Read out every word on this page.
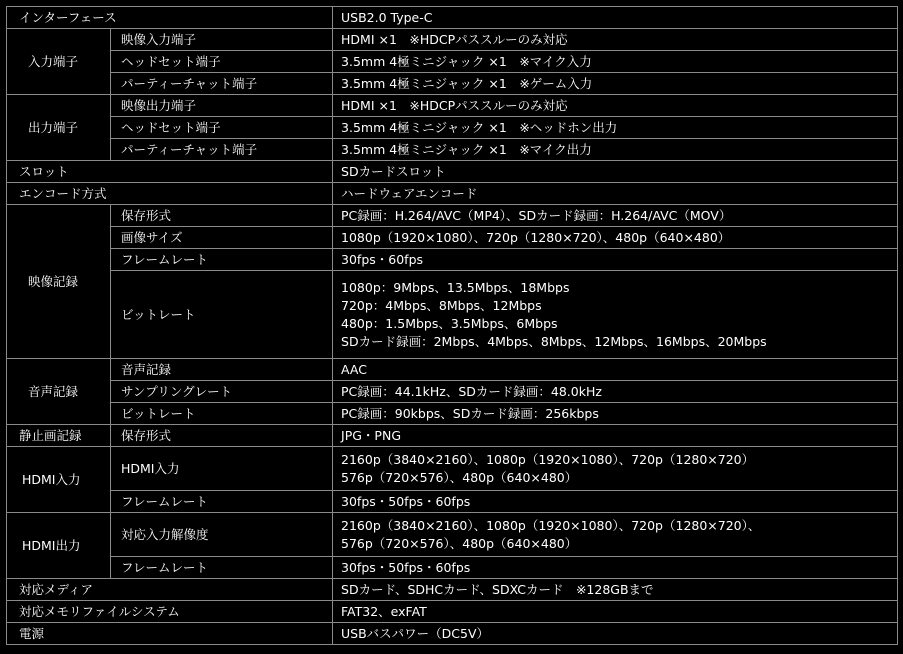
インターフェース		USB2.0 Type-C
入力端子	映像入力端子	HDMI ×1　※HDCPパススルーのみ対応
	ヘッドセット端子	3.5mm 4極ミニジャック ×1　※マイク入力
	パーティーチャット端子	3.5mm 4極ミニジャック ×1　※ゲーム入力
出力端子	映像出力端子	HDMI ×1　※HDCPパススルーのみ対応
	ヘッドセット端子	3.5mm 4極ミニジャック ×1　※ヘッドホン出力
	パーティーチャット端子	3.5mm 4極ミニジャック ×1　※マイク出力
スロット		SDカードスロット
エンコード方式		ハードウェアエンコード
映像記録	保存形式	PC録画：H.264/AVC（MP4）、SDカード録画：H.264/AVC（MOV）
	画像サイズ	1080p（1920×1080）、720p（1280×720）、480p（640×480）
	フレームレート	30fps・60fps
	ビットレート	1080p：9Mbps、13.5Mbps、18Mbps
720p：4Mbps、8Mbps、12Mbps
480p：1.5Mbps、3.5Mbps、6Mbps
SDカード録画：2Mbps、4Mbps、8Mbps、12Mbps、16Mbps、20Mbps

音声記録	音声記録	AAC
	サンプリングレート	PC録画：44.1kHz、SDカード録画：48.0kHz
	ビットレート	PC録画：90kbps、SDカード録画：256kbps
静止画記録	保存形式	JPG・PNG
HDMI入力	HDMI入力	2160p（3840×2160）、1080p（1920×1080）、720p（1280×720）
576p（720×576）、480p（640×480）

	フレームレート	30fps・50fps・60fps
HDMI出力	対応入力解像度	2160p（3840×2160）、1080p（1920×1080）、720p（1280×720）、
576p（720×576）、480p（640×480）

	フレームレート	30fps・50fps・60fps
対応メディア		SDカード、SDHCカード、SDXCカード　※128GBまで
対応メモリファイルシステム		FAT32、exFAT
電源		USBバスパワー（DC5V）
